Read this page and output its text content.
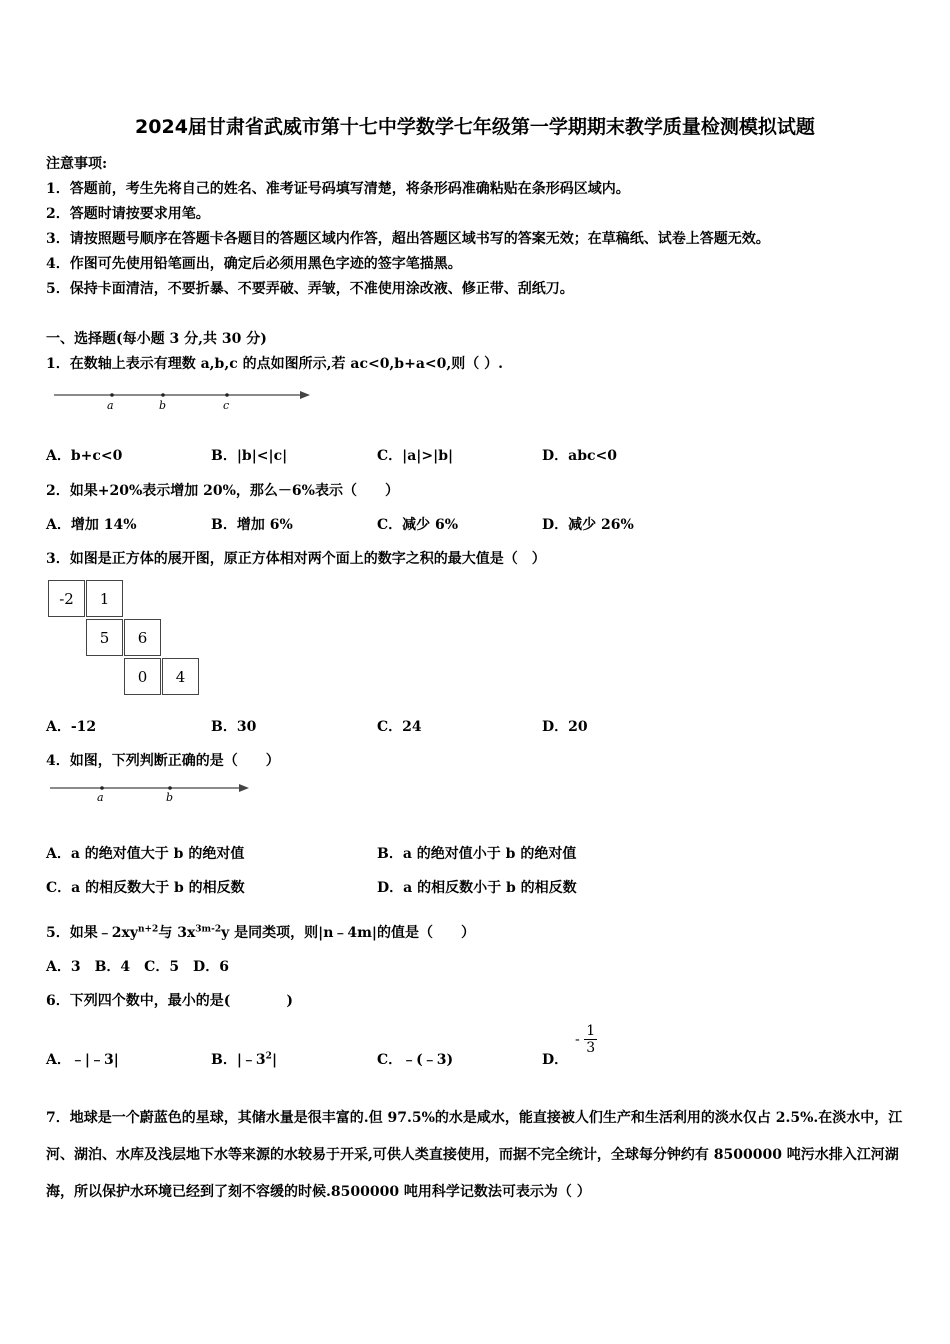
2024届甘肃省武威市第十七中学数学七年级第一学期期末教学质量检测模拟试题
注意事项:
1．答题前，考生先将自己的姓名、准考证号码填写清楚，将条形码准确粘贴在条形码区域内。
2．答题时请按要求用笔。
3．请按照题号顺序在答题卡各题目的答题区域内作答，超出答题区域书写的答案无效；在草稿纸、试卷上答题无效。
4．作图可先使用铅笔画出，确定后必须用黑色字迹的签字笔描黑。
5．保持卡面清洁，不要折暴、不要弄破、弄皱，不准使用涂改液、修正带、刮纸刀。
一、选择题(每小题 3 分,共 30 分)
1．在数轴上表示有理数 a,b,c 的点如图所示,若 ac<0,b+a<0,则（ ）.
a	b	c
A．b+c<0	B．|b|<|c|	C．|a|>|b|	D．abc<0
2．如果+20%表示增加 20%，那么－6%表示（　　）
A．增加 14%	B．增加 6%	C．减少 6%	D．减少 26%
3．如图是正方体的展开图，原正方体相对两个面上的数字之积的最大值是（　）
-2	1
5	6
0	4
A．-12	B．30	C．24	D．20
4．如图，下列判断正确的是（　　）
a	b
A．a 的绝对值大于 b 的绝对值	B．a 的绝对值小于 b 的绝对值
C．a 的相反数大于 b 的相反数	D．a 的相反数小于 b 的相反数
5．如果$﹣2xy^{n+2}$与 $3x^{3m-2}y$ 是同类项，则|n﹣4m|的值是（　　）
A．3　B．4　C．5　D．6
6．下列四个数中，最小的是(　　　　)
A．﹣|﹣3|	B．$|﹣3^2|$	C．﹣(﹣3)	D．
- $\frac{1}{3}$
7．地球是一个蔚蓝色的星球，其储水量是很丰富的.但 97.5%的水是咸水，能直接被人们生产和生活利用的淡水仅占 2.5%.在淡水中，江河、湖泊、水库及浅层地下水等来源的水较易于开采,可供人类直接使用，而据不完全统计，全球每分钟约有 8500000 吨污水排入江河湖海，所以保护水环境已经到了刻不容缓的时候.8500000 吨用科学记数法可表示为（ ）
